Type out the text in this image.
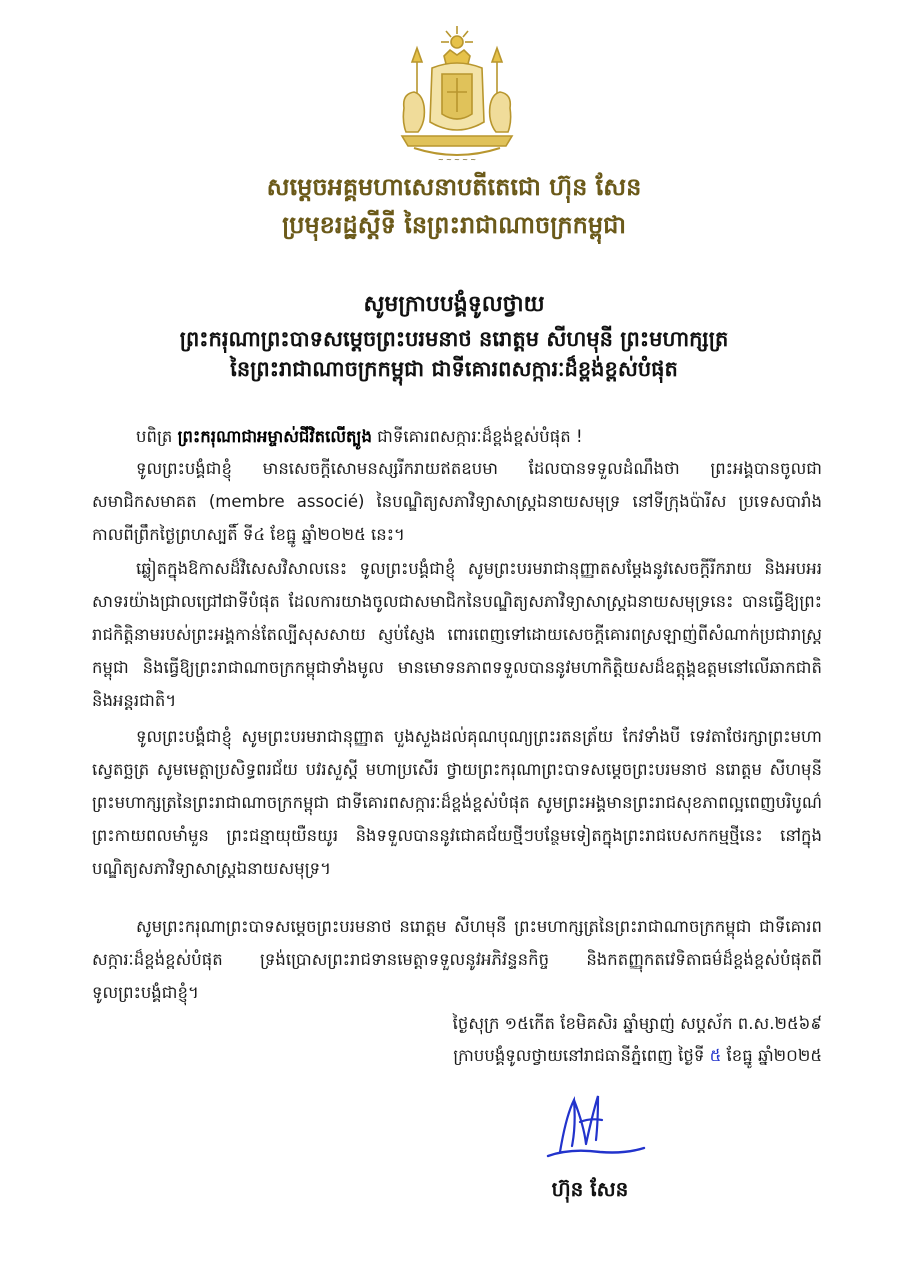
~ ~ ~ ~ ~
សម្ដេចអគ្គមហាសេនាបតីតេជោ ហ៊ុន សែន
ប្រមុខរដ្ឋស្ដីទី នៃព្រះរាជាណាចក្រកម្ពុជា
សូមក្រាបបង្គំទូលថ្វាយ
ព្រះករុណាព្រះបាទសម្ដេចព្រះបរមនាថ នរោត្ដម សីហមុនី ព្រះមហាក្សត្រ
នៃព្រះរាជាណាចក្រកម្ពុជា ជាទីគោរពសក្ការៈដ៏ខ្ពង់ខ្ពស់បំផុត
បពិត្រ ព្រះករុណាជាអម្ចាស់ជីវិតលើត្បូង ជាទីគោរពសក្ការៈដ៏ខ្ពង់ខ្ពស់បំផុត !
ទូលព្រះបង្គំជាខ្ញុំ មានសេចក្ដីសោមនស្សរីករាយឥតឧបមា ដែលបានទទួលដំណឹងថា ព្រះអង្គបានចូលជាសមាជិកសមាគត (membre associé) នៃបណ្ឌិត្យសភាវិទ្យាសាស្ត្រឯនាយសមុទ្រ នៅទីក្រុងប៉ារីស ប្រទេសបារាំង កាលពីព្រឹកថ្ងៃព្រហស្បតិ៍ ទី៤ ខែធ្នូ ឆ្នាំ២០២៥ នេះ។
ឆ្លៀតក្នុងឱកាសដ៏វិសេសវិសាលនេះ ទូលព្រះបង្គំជាខ្ញុំ សូមព្រះបរមរាជានុញ្ញាតសម្ដែងនូវសេចក្ដីរីករាយ និងអបអរសាទរយ៉ាងជ្រាលជ្រៅជាទីបំផុត ដែលការយាងចូលជាសមាជិកនៃបណ្ឌិត្យសភាវិទ្យាសាស្ត្រឯនាយសមុទ្រនេះ បានធ្វើឱ្យព្រះរាជកិត្តិនាមរបស់ព្រះអង្គកាន់តែល្បីសុសសាយ ស្ញប់ស្ញែង ពោរពេញទៅដោយសេចក្ដីគោរពស្រឡាញ់ពីសំណាក់ប្រជារាស្ត្រកម្ពុជា និងធ្វើឱ្យព្រះរាជាណាចក្រកម្ពុជាទាំងមូល មានមោទនភាពទទួលបាននូវមហាកិត្តិយសដ៏ឧត្ដុង្គឧត្ដមនៅលើឆាកជាតិនិងអន្តរជាតិ។
ទូលព្រះបង្គំជាខ្ញុំ សូមព្រះបរមរាជានុញ្ញាត បួងសួងដល់គុណបុណ្យព្រះរតនត្រ័យ កែវទាំងបី ទេវតាថែរក្សាព្រះមហាស្វេតច្ឆត្រ សូមមេត្តាប្រសិទ្ធពរជ័យ បវរសួស្ដី មហាប្រសើរ ថ្វាយព្រះករុណាព្រះបាទសម្ដេចព្រះបរមនាថ នរោត្ដម សីហមុនី ព្រះមហាក្សត្រនៃព្រះរាជាណាចក្រកម្ពុជា ជាទីគោរពសក្ការៈដ៏ខ្ពង់ខ្ពស់បំផុត សូមព្រះអង្គមានព្រះរាជសុខភាពល្អពេញបរិបូណ៌ ព្រះកាយពលមាំមួន ព្រះជន្មាយុយឺនយូរ និងទទួលបាននូវជោគជ័យថ្មីៗបន្ថែមទៀតក្នុងព្រះរាជបេសកកម្មថ្មីនេះ នៅក្នុងបណ្ឌិត្យសភាវិទ្យាសាស្ត្រឯនាយសមុទ្រ។
សូមព្រះករុណាព្រះបាទសម្ដេចព្រះបរមនាថ នរោត្ដម សីហមុនី ព្រះមហាក្សត្រនៃព្រះរាជាណាចក្រកម្ពុជា ជាទីគោរពសក្ការៈដ៏ខ្ពង់ខ្ពស់បំផុត ទ្រង់ប្រោសព្រះរាជទានមេត្តាទទួលនូវអភិវន្ទនកិច្ច និងកតញ្ញុកតវេទិតាធម៌ដ៏ខ្ពង់ខ្ពស់បំផុតពីទូលព្រះបង្គំជាខ្ញុំ។
ថ្ងៃសុក្រ ១៥កើត ខែមិគសិរ ឆ្នាំម្សាញ់ សប្តស័ក ព.ស.២៥៦៩
ក្រាបបង្គំទូលថ្វាយនៅរាជធានីភ្នំពេញ ថ្ងៃទី ៥ ខែធ្នូ ឆ្នាំ២០២៥
ហ៊ុន សែន
